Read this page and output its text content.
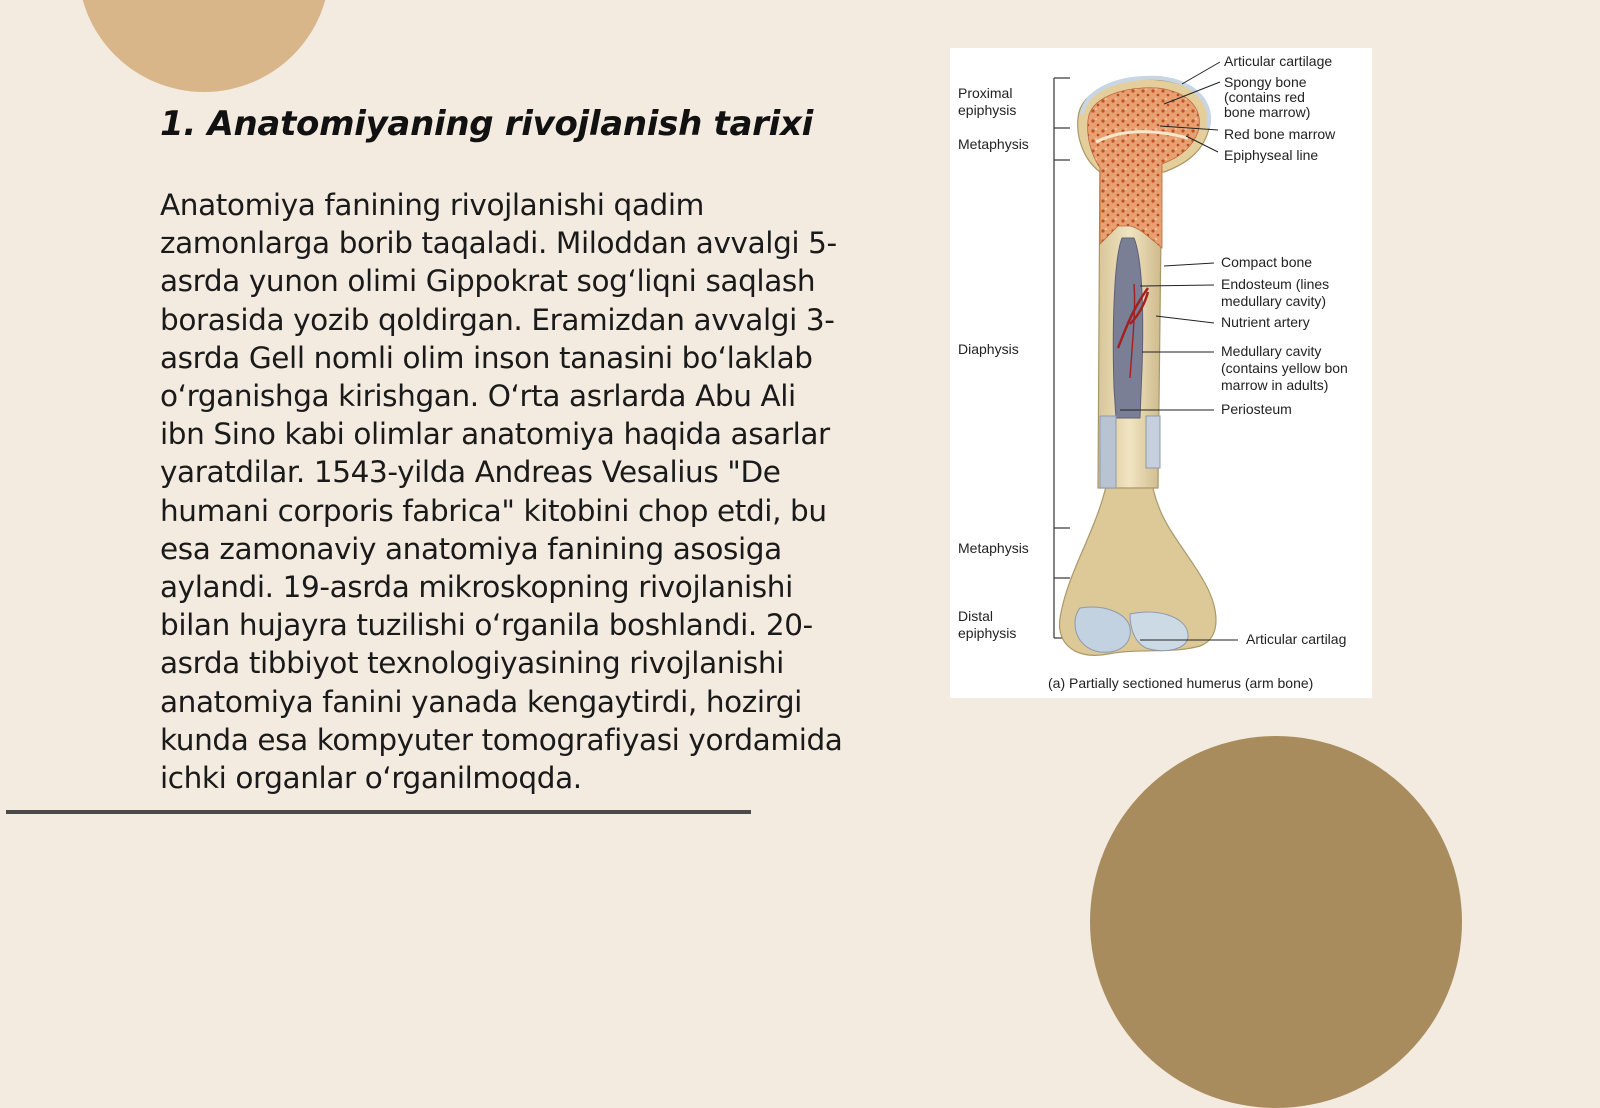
1. Anatomiyaning rivojlanish tarixi

Anatomiya fanining rivojlanishi qadim zamonlarga borib taqaladi. Miloddan avvalgi 5-asrda yunon olimi Gippokrat sog‘liqni saqlash borasida yozib qoldirgan. Eramizdan avvalgi 3-asrda Gell nomli olim inson tanasini bo‘laklab o‘rganishga kirishgan. O‘rta asrlarda Abu Ali ibn Sino kabi olimlar anatomiya haqida asarlar yaratdilar. 1543-yilda Andreas Vesalius "De humani corporis fabrica" kitobini chop etdi, bu esa zamonaviy anatomiya fanining asosiga aylandi. 19-asrda mikroskopning rivojlanishi bilan hujayra tuzilishi o‘rganila boshlandi. 20-asrda tibbiyot texnologiyasining rivojlanishi anatomiya fanini yanada kengaytirdi, hozirgi kunda esa kompyuter tomografiyasi yordamida ichki organlar o‘rganilmoqda.

Proximal
epiphysis
Metaphysis
Diaphysis
Metaphysis
Distal
epiphysis
Articular cartilage
Spongy bone
(contains red
bone marrow)
Red bone marrow
Epiphyseal line
Compact bone
Endosteum (lines
medullary cavity)
Nutrient artery
Medullary cavity
(contains yellow bon
marrow in adults)
Periosteum
Articular cartilag
(a) Partially sectioned humerus (arm bone)
